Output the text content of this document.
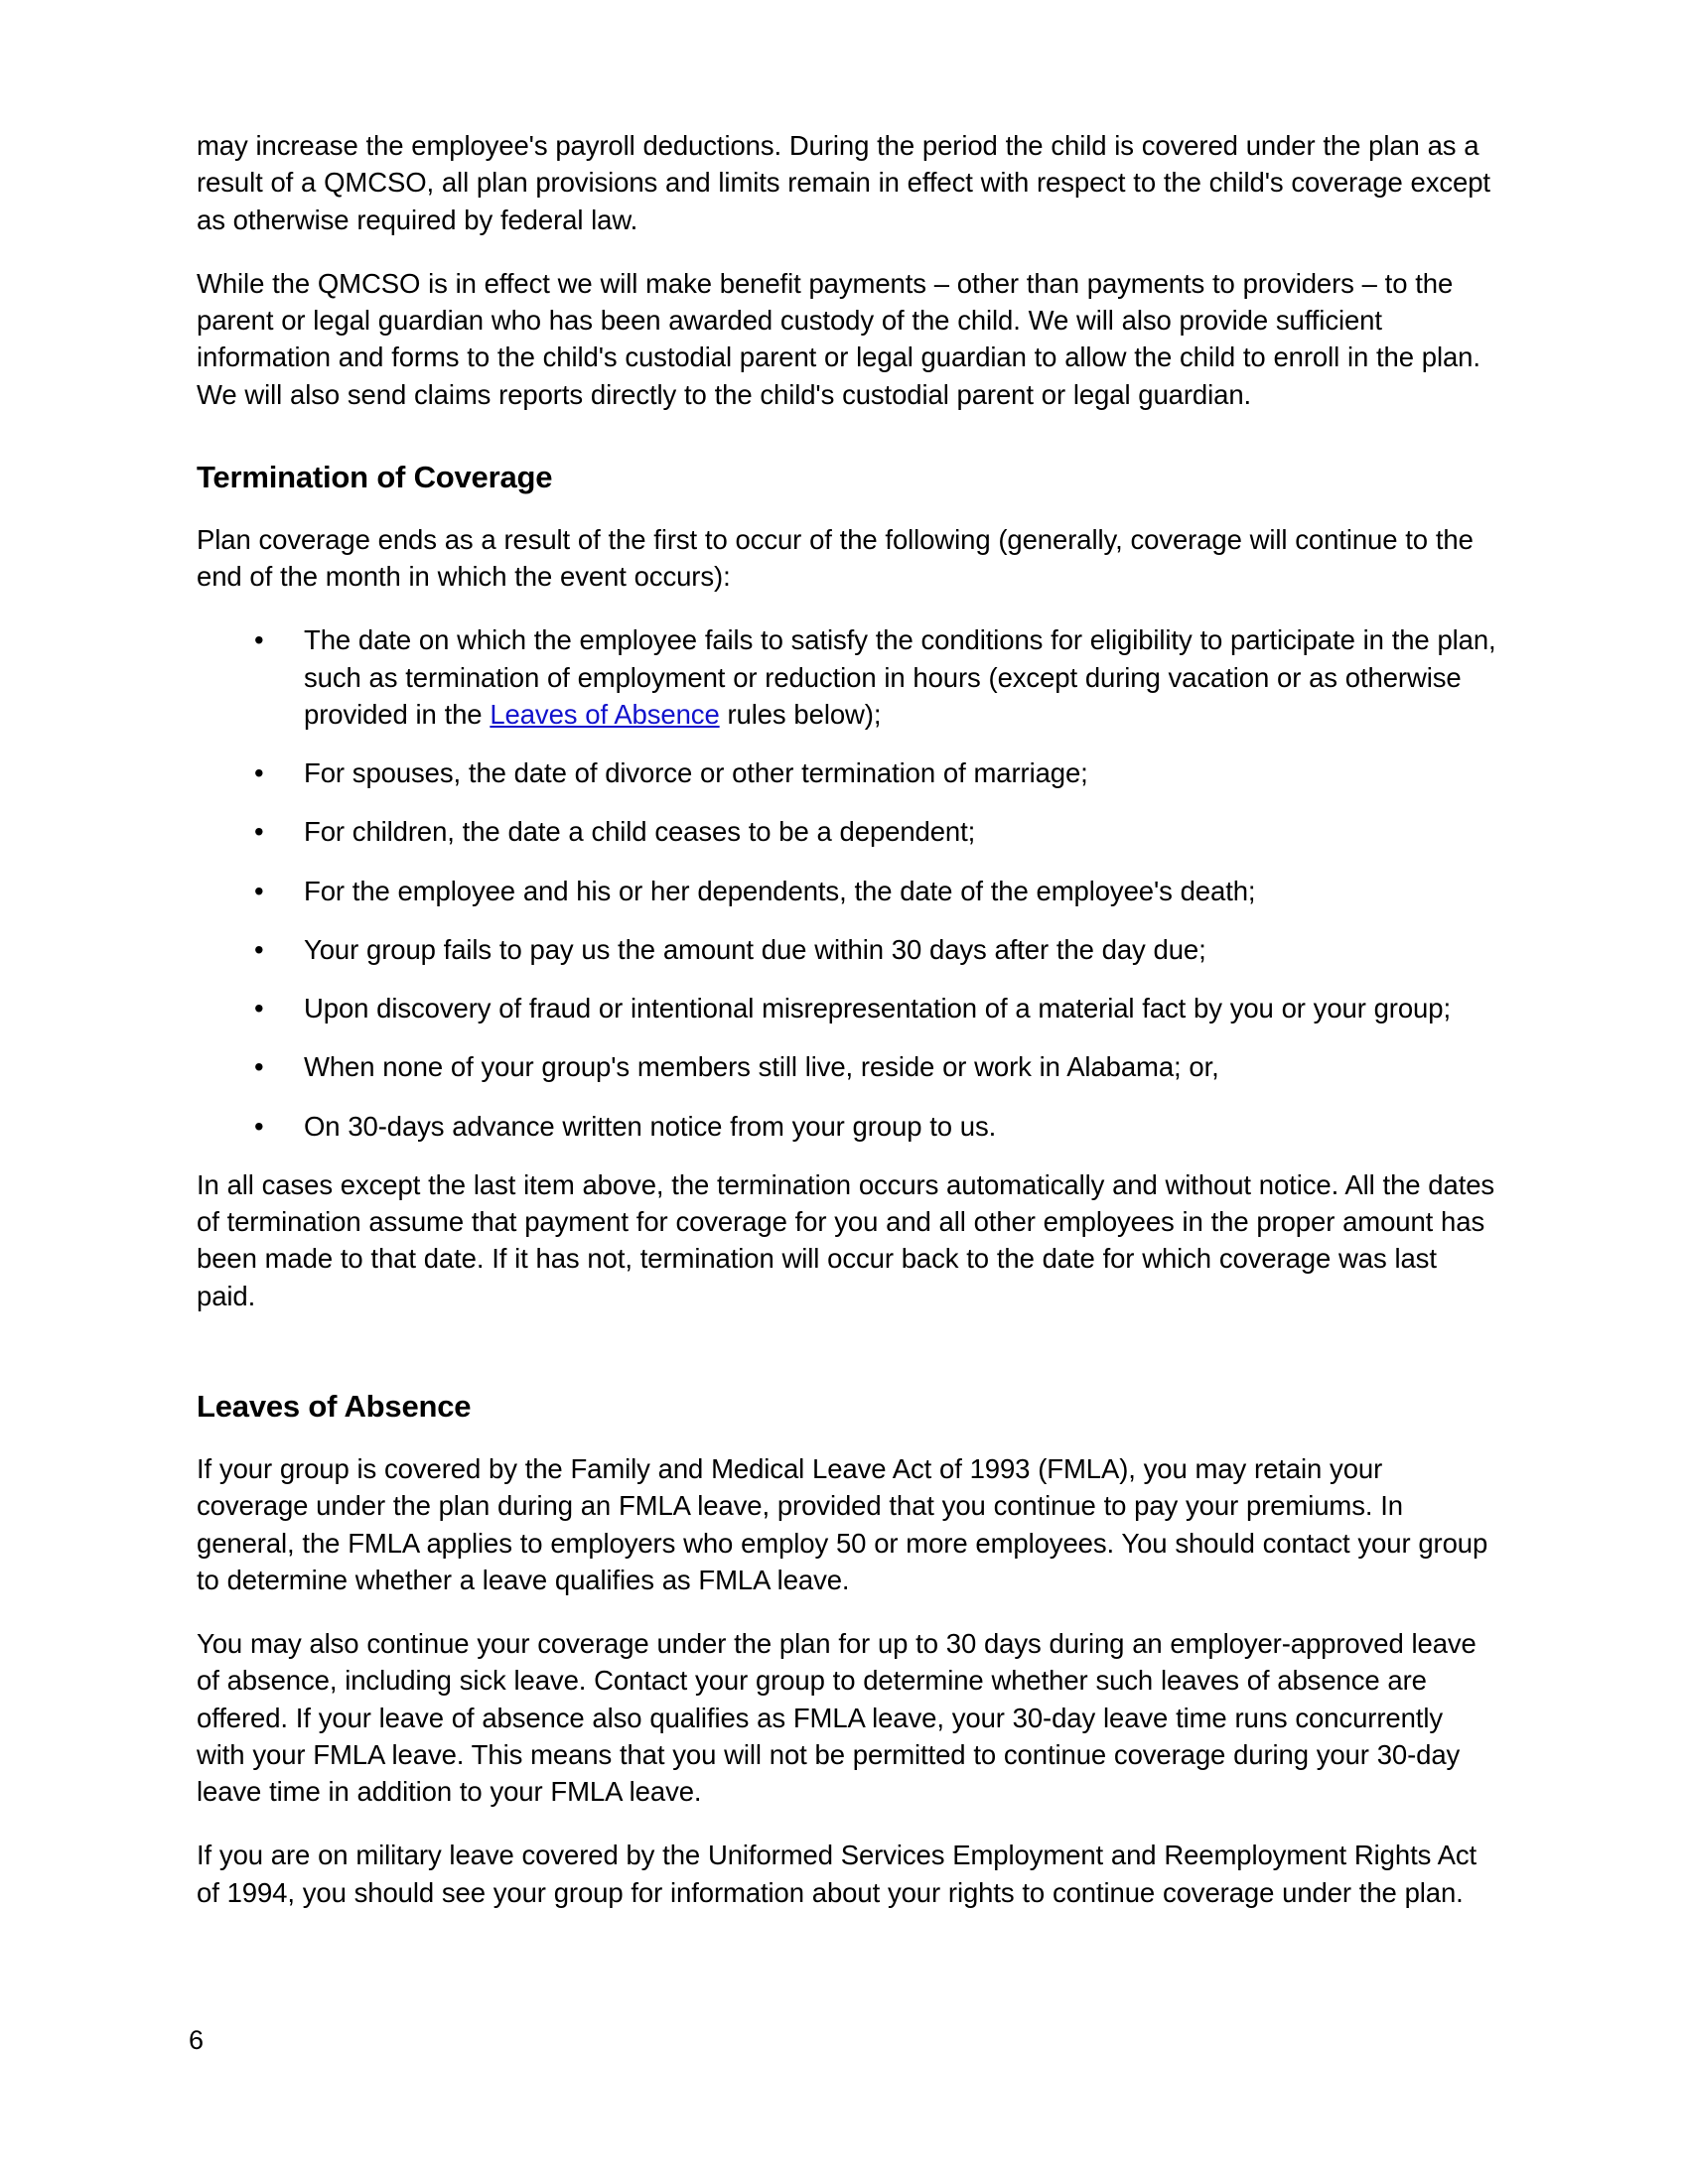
may increase the employee's payroll deductions. During the period the child is covered under the plan as a result of a QMCSO, all plan provisions and limits remain in effect with respect to the child's coverage except as otherwise required by federal law.

While the QMCSO is in effect we will make benefit payments – other than payments to providers – to the parent or legal guardian who has been awarded custody of the child. We will also provide sufficient information and forms to the child's custodial parent or legal guardian to allow the child to enroll in the plan. We will also send claims reports directly to the child's custodial parent or legal guardian.

Termination of Coverage

Plan coverage ends as a result of the first to occur of the following (generally, coverage will continue to the end of the month in which the event occurs):

•
The date on which the employee fails to satisfy the conditions for eligibility to participate in the plan, such as termination of employment or reduction in hours (except during vacation or as otherwise provided in the Leaves of Absence rules below);
•
For spouses, the date of divorce or other termination of marriage;
•
For children, the date a child ceases to be a dependent;
•
For the employee and his or her dependents, the date of the employee's death;
•
Your group fails to pay us the amount due within 30 days after the day due;
•
Upon discovery of fraud or intentional misrepresentation of a material fact by you or your group;
•
When none of your group's members still live, reside or work in Alabama; or,
•
On 30-days advance written notice from your group to us.

In all cases except the last item above, the termination occurs automatically and without notice. All the dates of termination assume that payment for coverage for you and all other employees in the proper amount has been made to that date. If it has not, termination will occur back to the date for which coverage was last paid.

Leaves of Absence

If your group is covered by the Family and Medical Leave Act of 1993 (FMLA), you may retain your coverage under the plan during an FMLA leave, provided that you continue to pay your premiums. In general, the FMLA applies to employers who employ 50 or more employees. You should contact your group to determine whether a leave qualifies as FMLA leave.

You may also continue your coverage under the plan for up to 30 days during an employer-approved leave of absence, including sick leave. Contact your group to determine whether such leaves of absence are offered. If your leave of absence also qualifies as FMLA leave, your 30-day leave time runs concurrently with your FMLA leave. This means that you will not be permitted to continue coverage during your 30-day leave time in addition to your FMLA leave.

If you are on military leave covered by the Uniformed Services Employment and Reemployment Rights Act of 1994, you should see your group for information about your rights to continue coverage under the plan.

6
